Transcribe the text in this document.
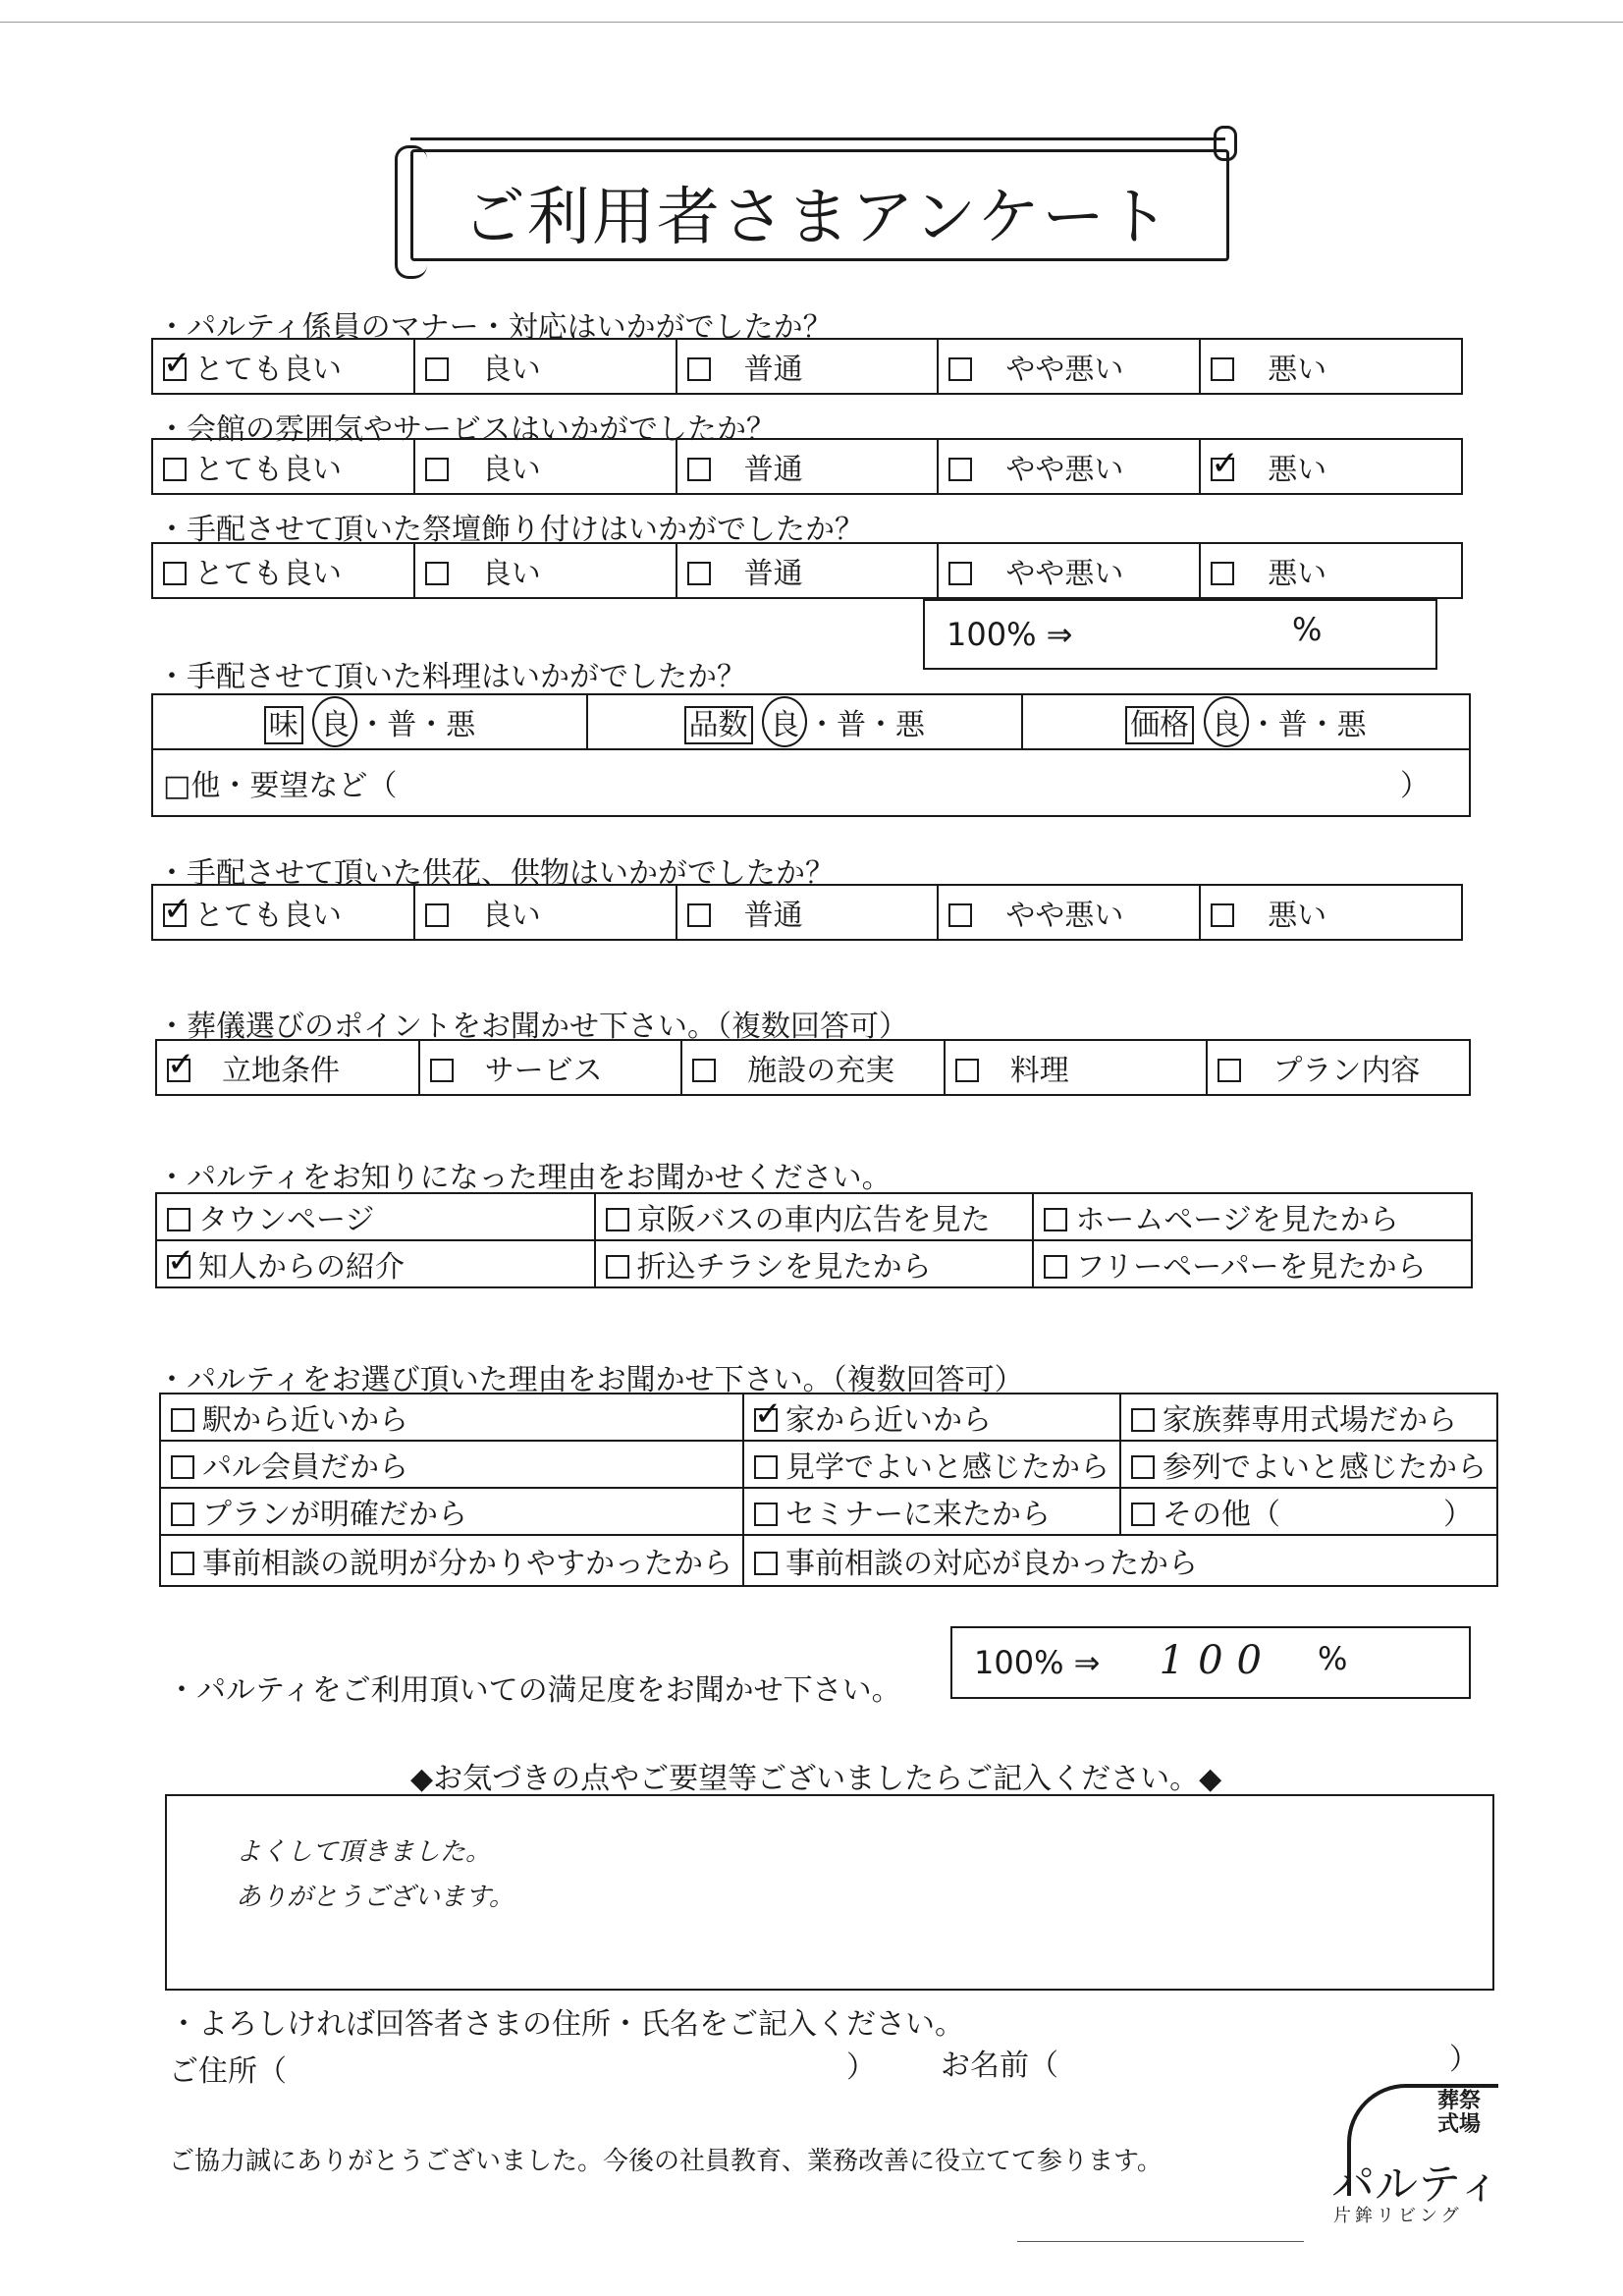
ご利用者さまアンケート
・パルティ係員のマナー・対応はいかがでしたか？
✓とても良い	良い	普通	やや悪い	悪い
・会館の雰囲気やサービスはいかがでしたか？
とても良い	良い	普通	やや悪い	✓悪い
・手配させて頂いた祭壇飾り付けはいかがでしたか？
とても良い	良い	普通	やや悪い	悪い
100% ⇒	%
・手配させて頂いた料理はいかがでしたか？
味 良 ・普・悪	品数 良 ・普・悪	価格 良 ・普・悪
□他・要望など（	）
・手配させて頂いた供花、供物はいかがでしたか？
✓とても良い	良い	普通	やや悪い	悪い
・葬儀選びのポイントをお聞かせ下さい。（複数回答可）
✓立地条件	サービス	施設の充実	料理	プラン内容
・パルティをお知りになった理由をお聞かせください。
タウンページ	京阪バスの車内広告を見た	ホームページを見たから
✓知人からの紹介	折込チラシを見たから	フリーペーパーを見たから
・パルティをお選び頂いた理由をお聞かせ下さい。（複数回答可）
駅から近いから	✓家から近いから	家族葬専用式場だから
パル会員だから	見学でよいと感じたから	参列でよいと感じたから
プランが明確だから	セミナーに来たから	その他（ ）

事前相談の説明が分かりやすかったから	事前相談の対応が良かったから	
・パルティをご利用頂いての満足度をお聞かせ下さい。
100% ⇒ 100 %
◆お気づきの点やご要望等ございましたらご記入ください。◆
よくして頂きました。
ありがとうございます。
・よろしければ回答者さまの住所・氏名をご記入ください。
ご住所（	） お名前（	）
ご協力誠にありがとうございました。今後の社員教育、業務改善に役立てて参ります。
葬祭式場
パルティ
片鉾リビング
